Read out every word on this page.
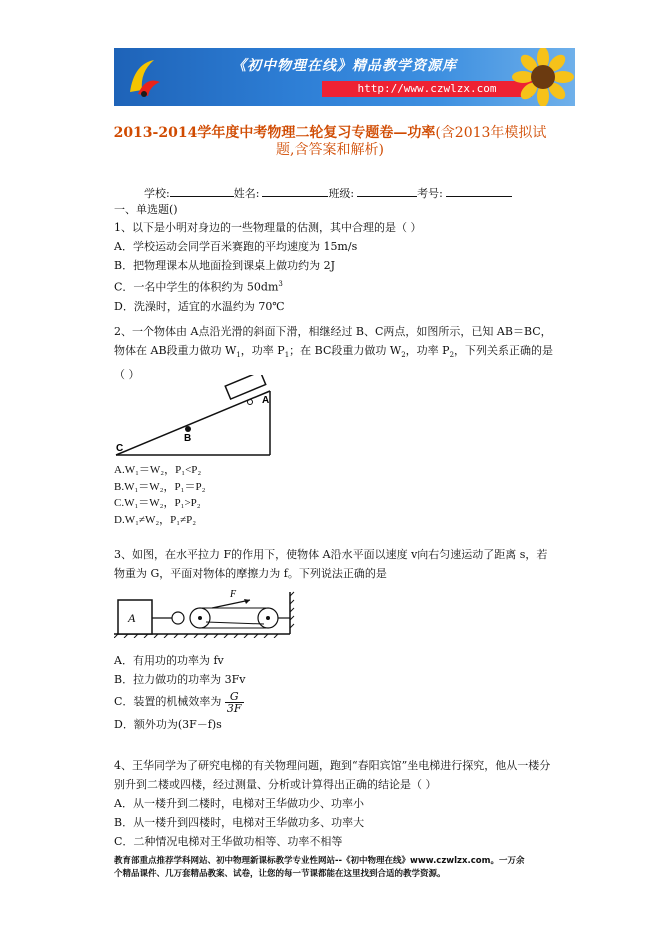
《初中物理在线》精品教学资源库
http://www.czwlzx.com
2013-2014学年度中考物理二轮复习专题卷—功率(含2013年模拟试
题,含答案和解析)
学校:	姓名:	班级:	考号:
一、单选题()
1、以下是小明对身边的一些物理量的估测，其中合理的是（ ）
A．学校运动会同学百米赛跑的平均速度为 15m/s
B．把物理课本从地面捡到课桌上做功约为 2J
C．一名中学生的体积约为 $50dm^3$
D．洗澡时，适宜的水温约为 70℃
2、一个物体由 A点沿光滑的斜面下滑，相继经过 B、C两点，如图所示，已知 AB＝BC，
物体在 AB段重力做功 $W_1$，功率 $P_1$；在 BC段重力做功 $W_2$，功率 $P_2$，下列关系正确的是
（ ）
A
B
C
A.W₁＝W₂，P₁<P₂
B.W₁＝W₂，P₁＝P₂
C.W₁＝W₂，P₁>P₂
D.W₁≠W₂，P₁≠P₂
3、如图，在水平拉力 F的作用下，使物体 A沿水平面以速度 v向右匀速运动了距离 s，若
物重为 G，平面对物体的摩擦力为 f。下列说法正确的是
A
F
A．有用功的功率为 fv
B．拉力做功的功率为 3Fv
C．装置的机械效率为 $\frac{G}{3F}$
D．额外功为(3F－f)s
4、王华同学为了研究电梯的有关物理问题，跑到“春阳宾馆”坐电梯进行探究，他从一楼分
别升到二楼或四楼，经过测量、分析或计算得出正确的结论是（ ）
A．从一楼升到二楼时，电梯对王华做功少、功率小
B．从一楼升到四楼时，电梯对王华做功多、功率大
C．二种情况电梯对王华做功相等、功率不相等
教育部重点推荐学科网站、初中物理新课标教学专业性网站--《初中物理在线》www.czwlzx.com。一万余
个精品课件、几万套精品教案、试卷，让您的每一节课都能在这里找到合适的教学资源。
